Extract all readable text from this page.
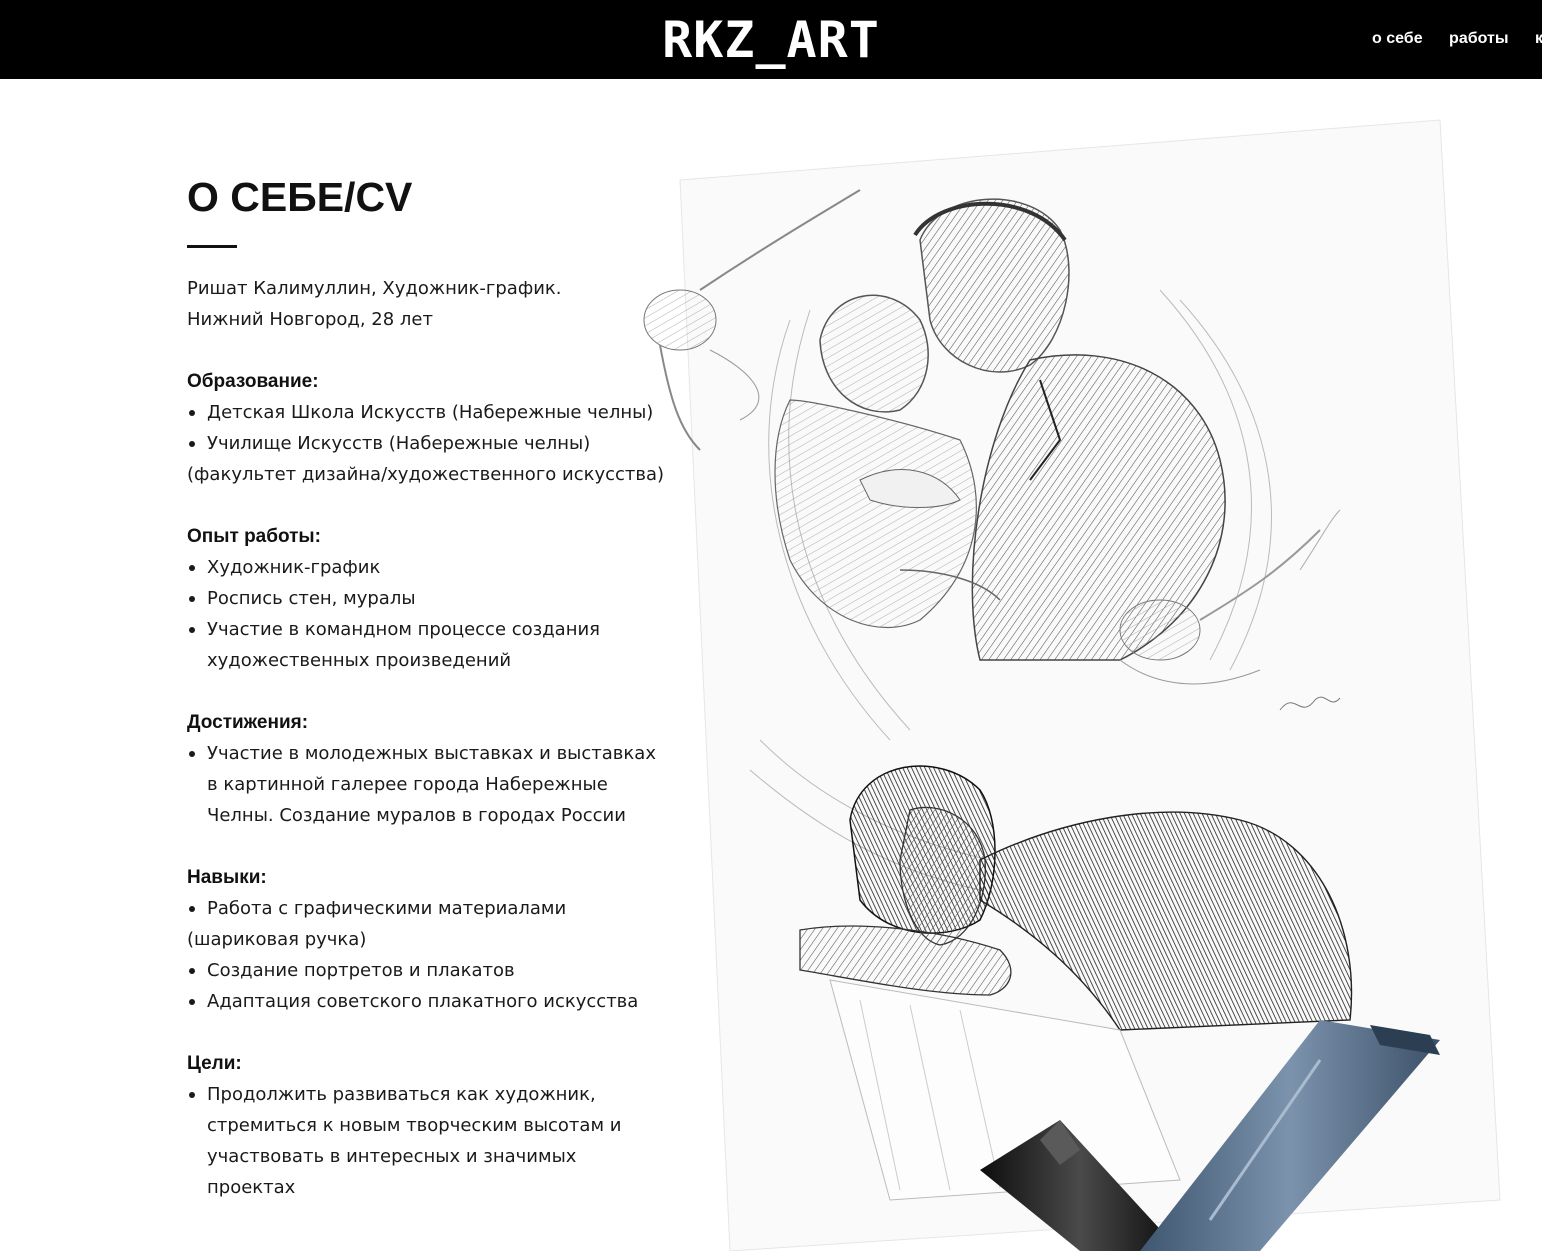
RKZ_ART	о себе работы ко
О СЕБЕ/CV

Ришат Калимуллин, Художник-график.

Нижний Новгород, 28 лет

Образование:
Детская Школа Искусств (Набережные челны)
Училище Искусств (Набережные челны)

(факультет дизайна/художественного искусства)

Опыт работы:
Художник-график
Роспись стен, муралы
Участие в командном процессе создания художественных произведений
Достижения:
Участие в молодежных выставках и выставках в картинной галерее города Набережные Челны. Создание муралов в городах России
Навыки:
Работа с графическими материалами

(шариковая ручка)

Создание портретов и плакатов
Адаптация советского плакатного искусства
Цели:
Продолжить развиваться как художник, стремиться к новым творческим высотам и участвовать в интересных и значимых проектах
